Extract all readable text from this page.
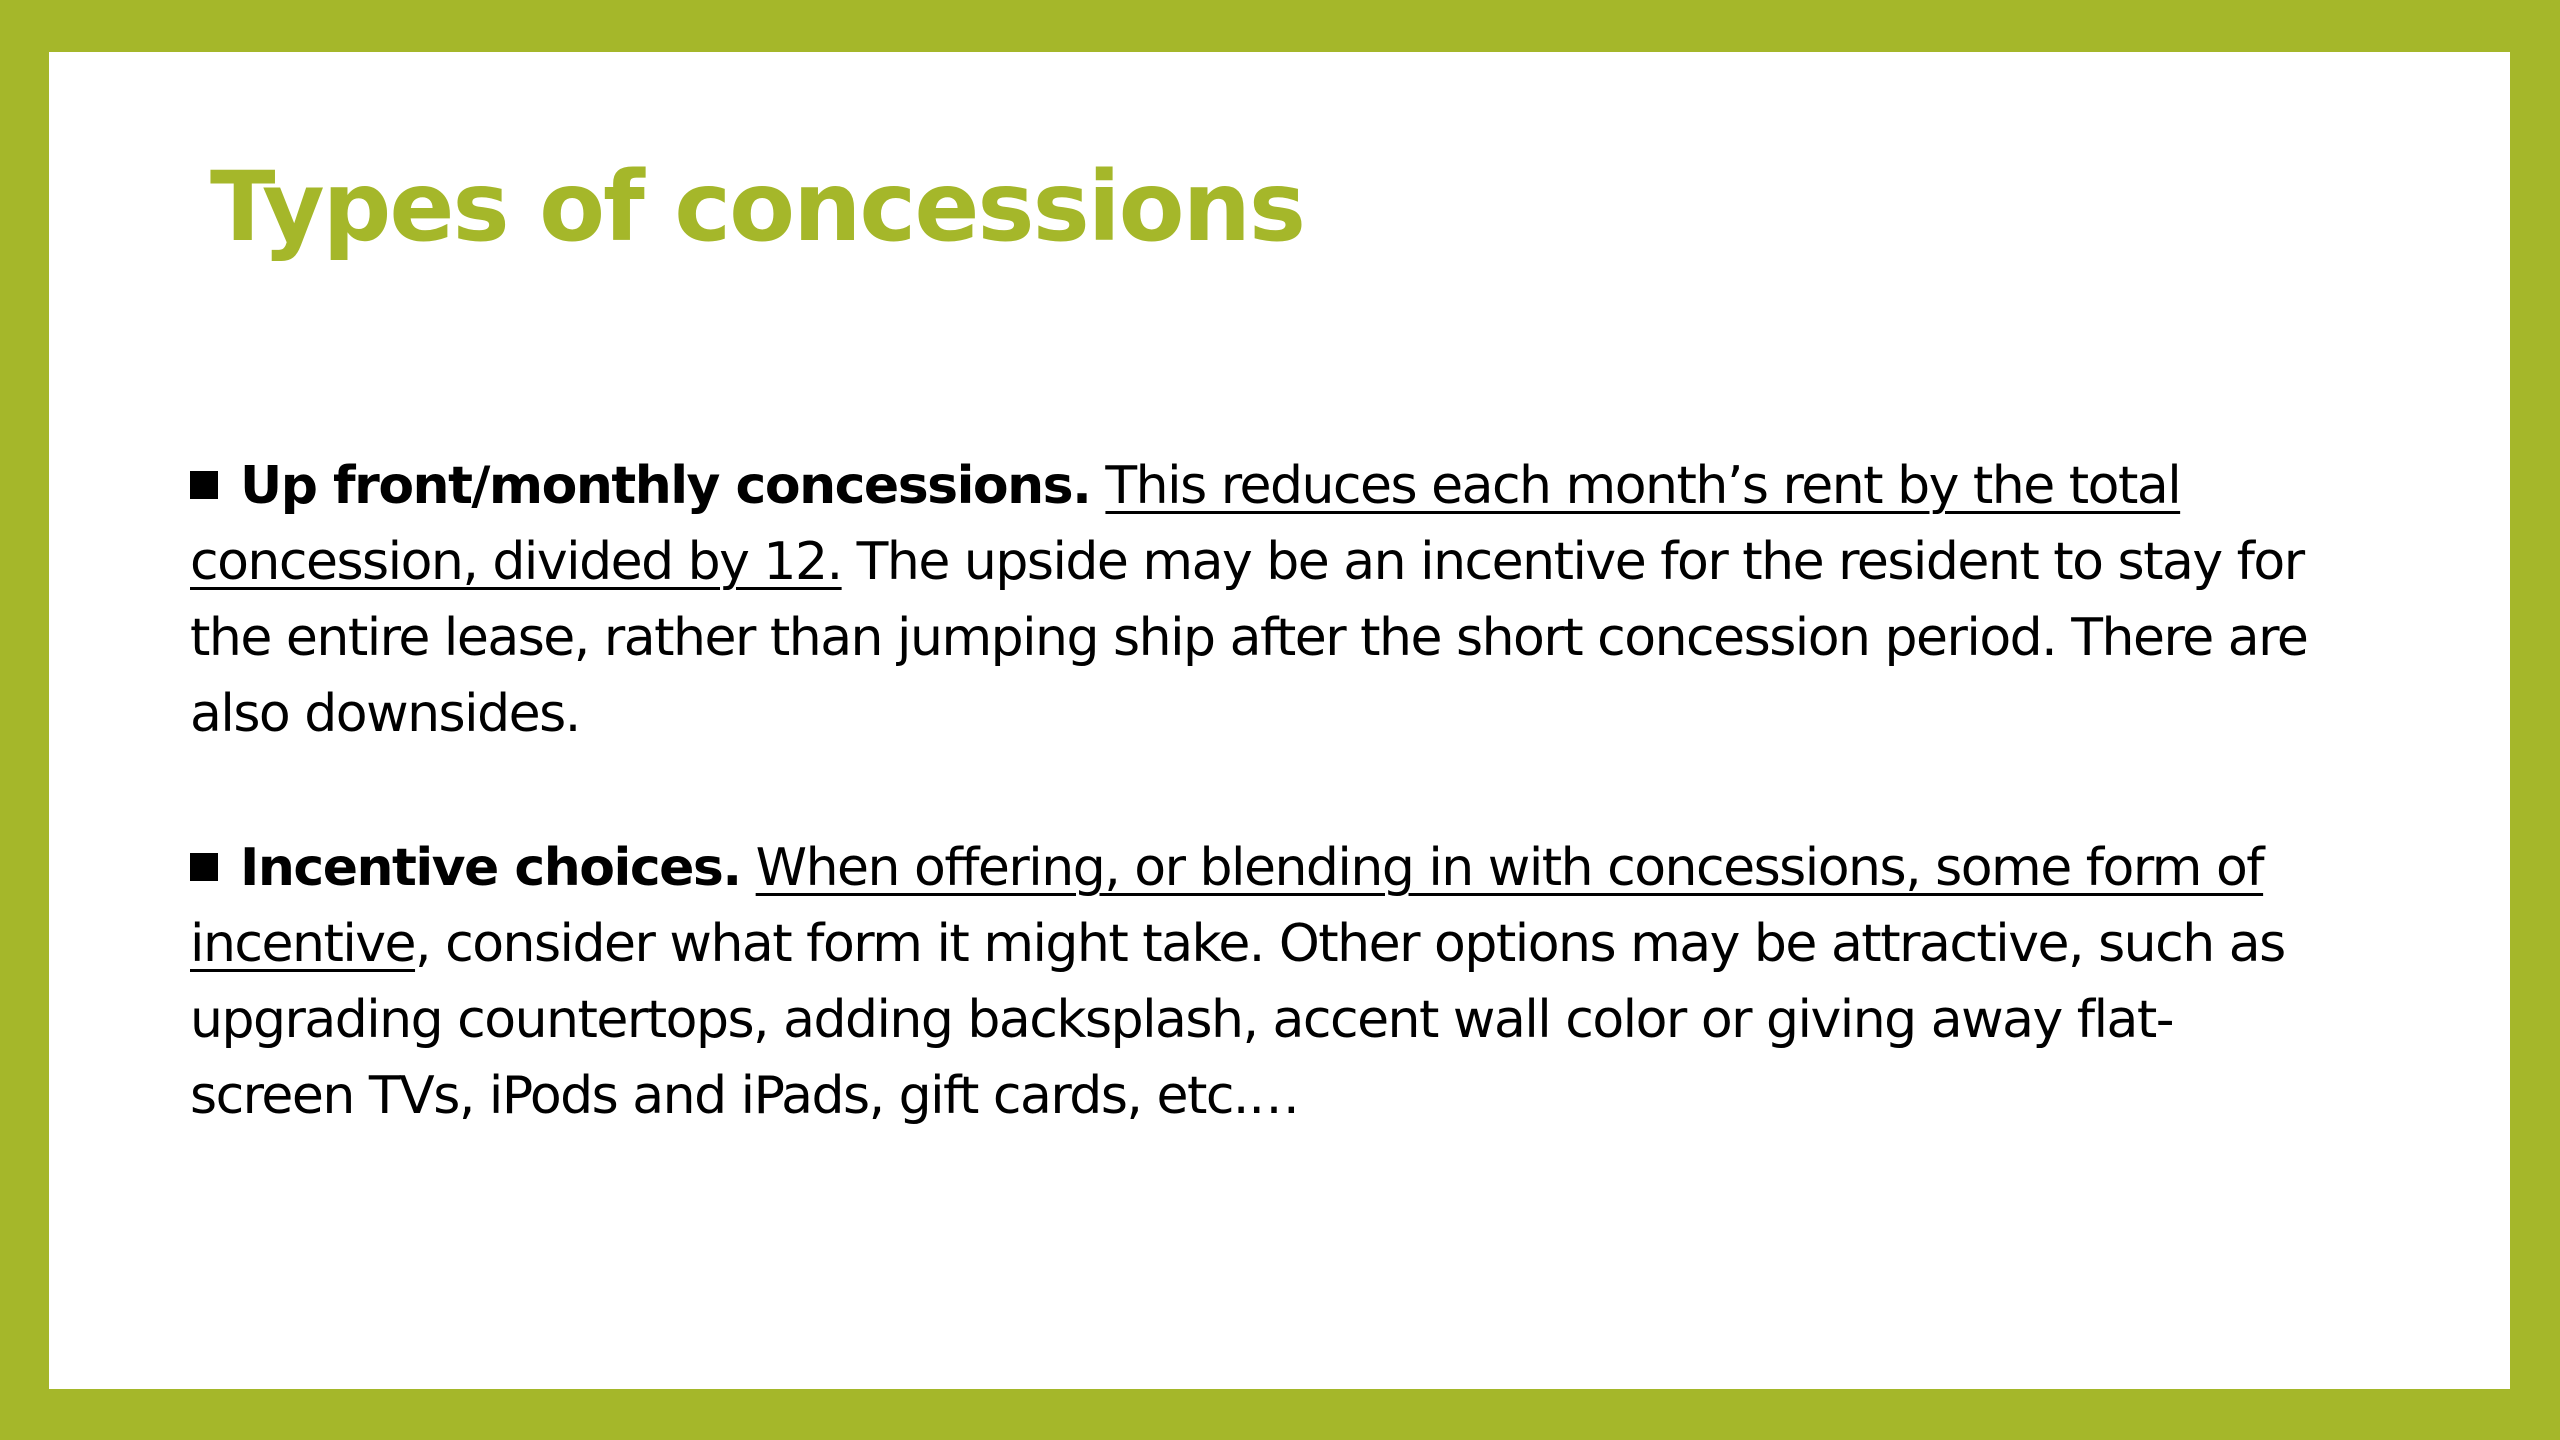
Types of concessions

Up front/monthly concessions. This reduces each month’s rent by the total concession, divided by 12. The upside may be an incentive for the resident to stay for the entire lease, rather than jumping ship after the short concession period. There are also downsides.

Incentive choices. When offering, or blending in with concessions, some form of incentive, consider what form it might take. Other options may be attractive, such as upgrading countertops, adding backsplash, accent wall color or giving away flat-screen TVs, iPods and iPads, gift cards, etc.…
